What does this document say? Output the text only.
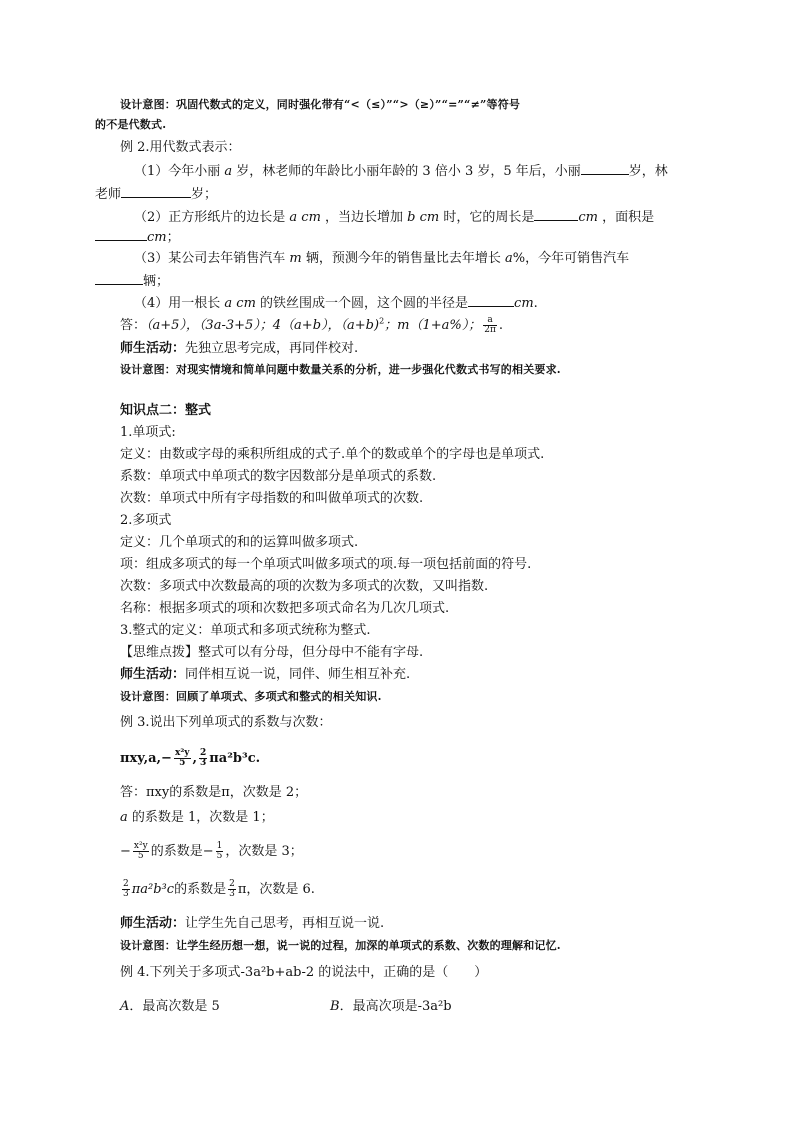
设计意图：巩固代数式的定义，同时强化带有“<（≤）”“>（≥）”“=”“≠”等符号
的不是代数式.
例 2.用代数式表示：
（1）今年小丽 a 岁，林老师的年龄比小丽年龄的 3 倍小 3 岁，5 年后，小丽	岁，林
老师	岁；
（2）正方形纸片的边长是 a cm ，当边长增加 b cm 时，它的周长是	cm ，面积是
cm；
（3）某公司去年销售汽车 m 辆，预测今年的销售量比去年增长 a%，今年可销售汽车
辆；
（4）用一根长 a cm 的铁丝围成一个圆，这个圆的半径是	cm.
答：（a+5），（3a-3+5）；4（a+b），（a+b)$^2$；m（1+a%）； $\frac{a}{2\pi}$ .
师生活动：先独立思考完成，再同伴校对.
设计意图：对现实情境和简单问题中数量关系的分析，进一步强化代数式书写的相关要求.
知识点二：整式
1.单项式:
定义：由数或字母的乘积所组成的式子.单个的数或单个的字母也是单项式.
系数：单项式中单项式的数字因数部分是单项式的系数.
次数：单项式中所有字母指数的和叫做单项式的次数.
2.多项式
定义：几个单项式的和的运算叫做多项式.
项：组成多项式的每一个单项式叫做多项式的项.每一项包括前面的符号.
次数：多项式中次数最高的项的次数为多项式的次数，又叫指数.
名称：根据多项式的项和次数把多项式命名为几次几项式.
3.整式的定义：单项式和多项式统称为整式.
【思维点拨】整式可以有分母，但分母中不能有字母.
师生活动：同伴相互说一说，同伴、师生相互补充.
设计意图：回顾了单项式、多项式和整式的相关知识.
例 3.说出下列单项式的系数与次数：
$\pi xy,a,- \frac{\text{x²y}}{5}$ , $\frac{2}{3} \pi a^2b^3c$.
答：πxy的系数是π，次数是 2；
a 的系数是 1，次数是 1；
− $\frac{\text{x²y}}{5}$ 的系数是− $\frac{1}{5}$ ，次数是 3；
$\frac{2}{3} \pi a^2b^3c$的系数是 $\frac{2}{3}$ π，次数是 6.
师生活动：让学生先自己思考，再相互说一说.
设计意图：让学生经历想一想，说一说的过程，加深的单项式的系数、次数的理解和记忆.
例 4.下列关于多项式-3a²b+ab-2 的说法中，正确的是（　　）
A．最高次数是 5	B．最高次项是-3a²b
